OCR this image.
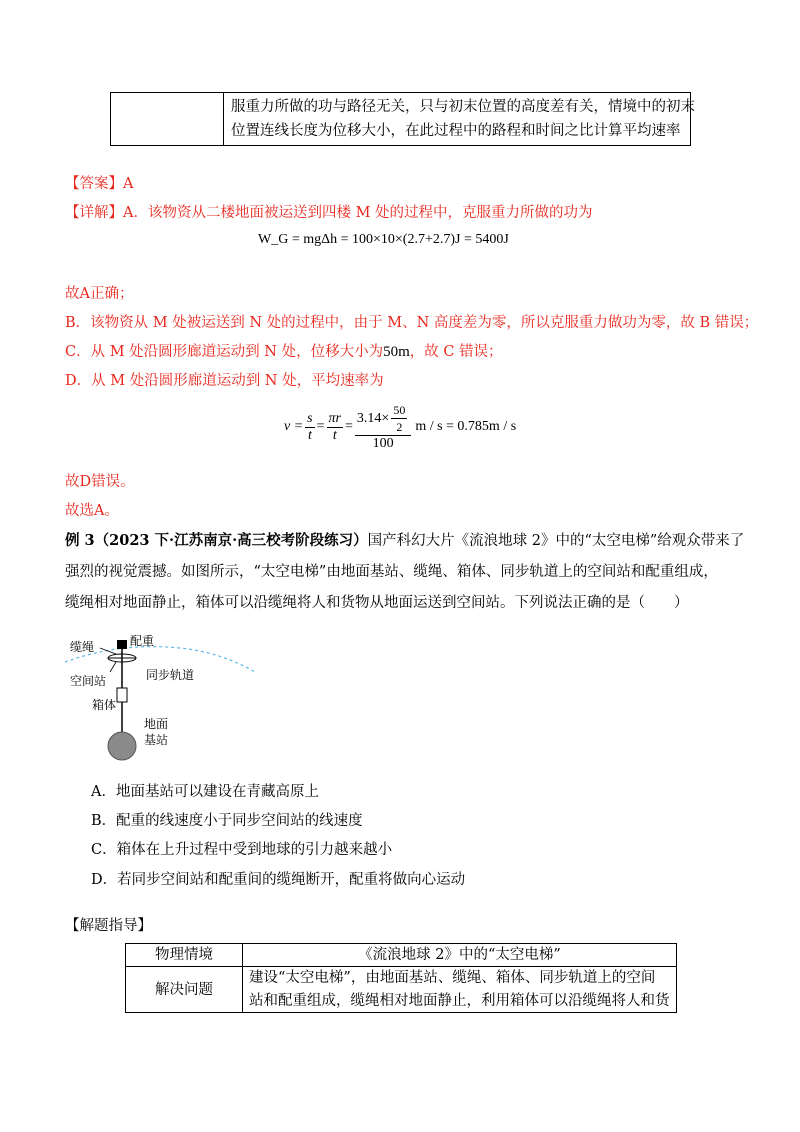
服重力所做的功与路径无关，只与初末位置的高度差有关，情境中的初末
位置连线长度为位移大小，在此过程中的路程和时间之比计算平均速率
【答案】A
【详解】A．该物资从二楼地面被运送到四楼 M 处的过程中，克服重力所做的功为
W_G = mgΔh = 100×10×(2.7+2.7)J = 5400J
故A正确；
B．该物资从 M 处被运送到 N 处的过程中，由于 M、N 高度差为零，所以克服重力做功为零，故 B 错误；
C．从 M 处沿圆形廊道运动到 N 处，位移大小为50m，故 C 错误；
D．从 M 处沿圆形廊道运动到 N 处，平均速率为
$v = \frac{s}{t} = \frac{\pi r}{t} = \frac{3.14\times \frac{50}{2}}{100}$ m / s = 0.785m / s
故D错误。
故选A。
例 3（2023 下·江苏南京·高三校考阶段练习）国产科幻大片《流浪地球 2》中的“太空电梯”给观众带来了
强烈的视觉震撼。如图所示，“太空电梯”由地面基站、缆绳、箱体、同步轨道上的空间站和配重组成，
缆绳相对地面静止，箱体可以沿缆绳将人和货物从地面运送到空间站。下列说法正确的是（　　）
缆绳	配重
同步轨道
空间站
箱体
地面
基站
A．地面基站可以建设在青藏高原上
B．配重的线速度小于同步空间站的线速度
C．箱体在上升过程中受到地球的引力越来越小
D．若同步空间站和配重间的缆绳断开，配重将做向心运动
【解题指导】
物理情境	《流浪地球 2》中的“太空电梯”
解决问题
建设“太空电梯”，由地面基站、缆绳、箱体、同步轨道上的空间
站和配重组成，缆绳相对地面静止，利用箱体可以沿缆绳将人和货
